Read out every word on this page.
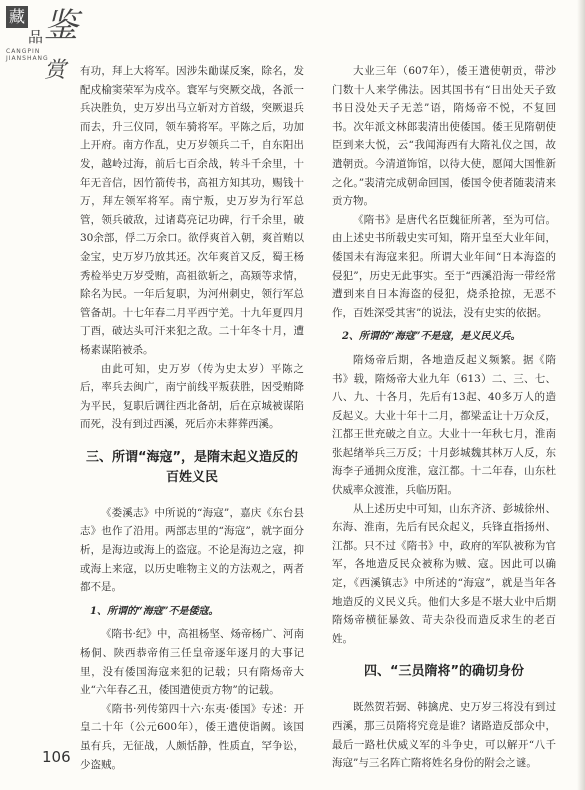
藏
品 鉴赏
CANGPIN JIANSHANG

有功，拜上大将军。因涉朱勔谋反案，除名，发配戍榆窦荣军为戍卒。寰军与突厥交战，各派一兵决胜负，史万岁出马立斩对方首级，突厥退兵而去，升三仪同，领车骑将军。平陈之后，功加上开府。南方作乱，史万岁领兵二千，自东阳出发，越岭过海，前后七百余战，转斗千余里，十年无音信，因竹箭传书，高祖方知其功，赐钱十万，拜左领军将军。南宁叛，史万岁为行军总管，领兵破敌，过诸葛亮记功碑，行千余里，破30余部，俘二万余口。欲俘爽首入朝，爽首贿以金宝，史万岁乃放其还。次年爽首又反，蜀王杨秀检举史万岁受贿，高祖欲斩之，高颎等求情，除名为民。一年后复职，为河州刺史，领行军总管备胡。十七年春二月平西宁羌。十九年夏四月丁酉，破达头可汗来犯之敌。二十年冬十月，遭杨素谋陷被杀。

由此可知，史万岁（传为史太岁）平陈之后，率兵去闽广，南宁前线平叛获胜，因受贿降为平民，复职后调往西北备胡，后在京城被谋陷而死，没有到过西溪，死后亦未葬葬西溪。

三、所谓“海寇”，是隋末起义造反的百姓义民

《娄溪志》中所说的“海寇”，嘉庆《东台县志》也作了沿用。两部志里的“海寇”，就字面分析，是海边或海上的盗寇。不论是海边之寇，抑或海上来寇，以历史唯物主义的方法观之，两者都不是。

1、所谓的“海寇”不是倭寇。

《隋书·纪》中，高祖杨坚、炀帝杨广、河南杨侗、陕西恭帝侑三任皇帝逐年逐月的大事记里，没有倭国海寇来犯的记载；只有隋炀帝大业“六年春乙丑，倭国遣使贡方物”的记载。

《隋书·列传第四十六·东夷·倭国》专述：开皇二十年（公元600年），倭王遣使诣阙。该国虽有兵，无征战，人颇恬静，性质直，罕争讼，少盗贼。

大业三年（607年），倭王遣使朝贡，带沙门数十人来学佛法。因其国书有“日出处天子致书日没处天子无恙”语，隋炀帝不悦，不复回书。次年派文林郎裴清出使倭国。倭王见隋朝使臣到来大悦，云“我闻海西有大隋礼仪之国，故遣朝贡。今清道饰馆，以待大使，愿闻大国惟新之化。”裴清完成朝命回国，倭国令使者随裴清来贡方物。

《隋书》是唐代名臣魏征所著，至为可信。由上述史书所载史实可知，隋开皇至大业年间，倭国未有海寇来犯。所谓大业年间“日本海盗的侵犯”，历史无此事实。至于“西溪沿海一带经常遭到来自日本海盗的侵犯，烧杀抢掠，无恶不作，百姓深受其害”的说法，没有史实的依据。

2、所谓的“海寇”不是寇，是义民义兵。

隋炀帝后期，各地造反起义频繁。据《隋书》载，隋炀帝大业九年（613）二、三、七、八、九、十各月，先后有13起、40多万人的造反起义。大业十年十二月，都梁孟让十万众反，江都王世充破之自立。大业十一年秋七月，淮南张起绪举兵三万反；十月彭城魏其林万人反，东海李子通拥众度淮，寇江都。十二年春，山东杜伏威率众渡淮，兵临历阳。

从上述历史中可知，山东齐济、彭城徐州、东海、淮南，先后有民众起义，兵锋直指扬州、江都。只不过《隋书》中，政府的军队被称为官军，各地造反民众被称为贼、寇。因此可以确定，《西溪镇志》中所述的“海寇”，就是当年各地造反的义民义兵。他们大多是不堪大业中后期隋炀帝横征暴敛、苛夫杂役而造反求生的老百姓。

四、“三员隋将”的确切身份

既然贺若弼、韩擒虎、史万岁三将没有到过西溪，那三员隋将究竟是谁？诸路造反部众中，最后一路杜伏威义军的斗争史，可以解开“八千海寇”与三名阵亡隋将姓名身份的附会之谜。

106
